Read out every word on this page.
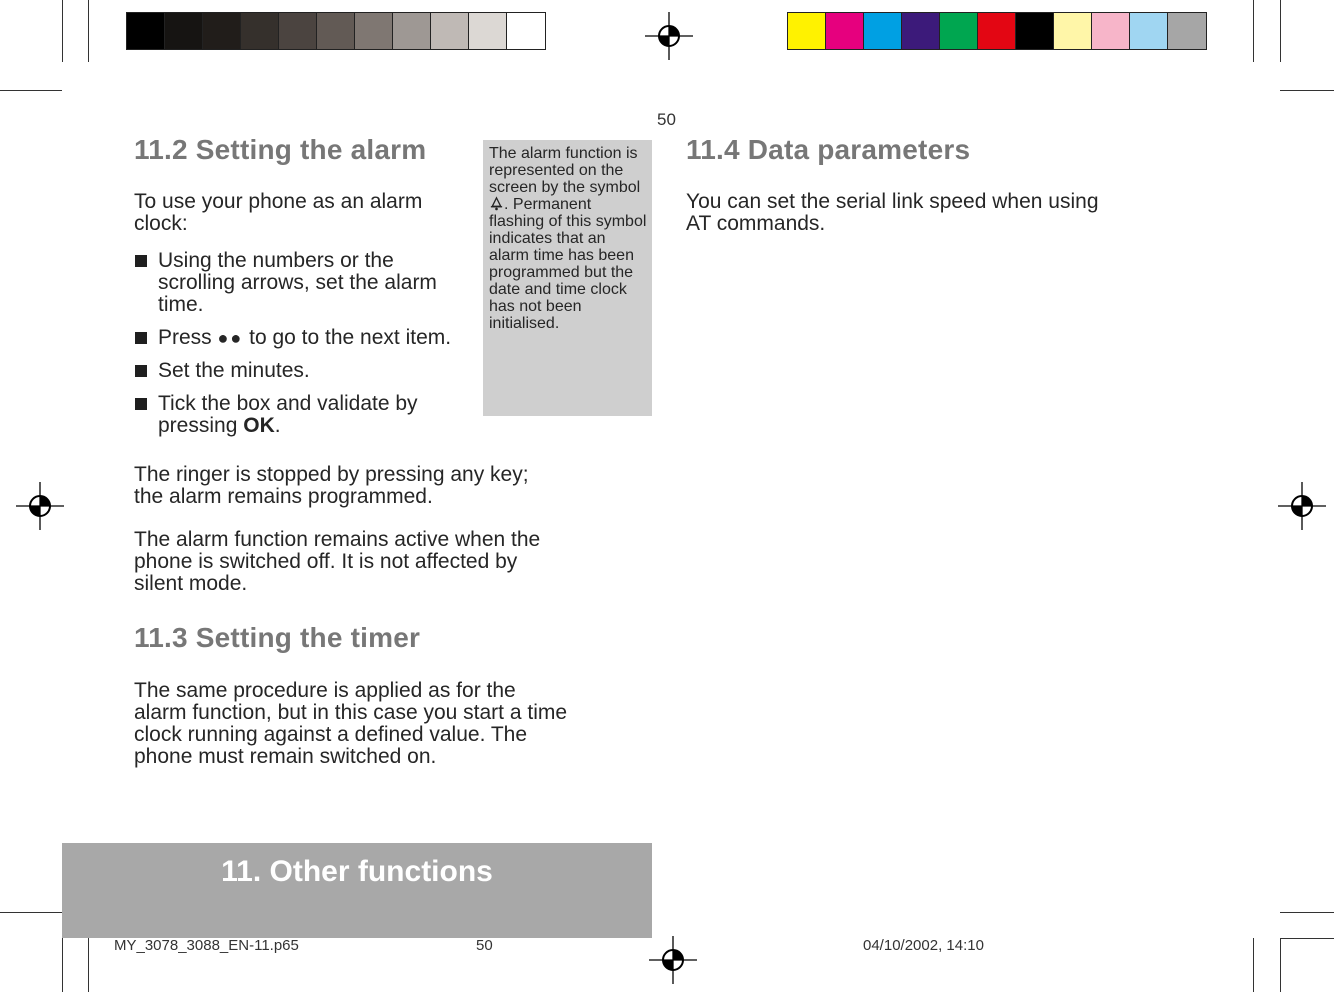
50
11.2 Setting the alarm
To use your phone as an alarm clock:
Using the numbers or the scrolling arrows, set the alarm time.
Press ●● to go to the next item.
Set the minutes.
Tick the box and validate by pressing OK.
The ringer is stopped by pressing any key; the alarm remains programmed.
The alarm function remains active when the phone is switched off. It is not affected by silent mode.
The alarm function is represented on the screen by the symbol . Permanent flashing of this symbol indicates that an alarm time has been programmed but the date and time clock has not been initialised.
11.3 Setting the timer
The same procedure is applied as for the alarm function, but in this case you start a time clock running against a defined value. The phone must remain switched on.
11.4 Data parameters
You can set the serial link speed when using AT commands.
11. Other functions
MY_3078_3088_EN-11.p65	50	04/10/2002, 14:10
